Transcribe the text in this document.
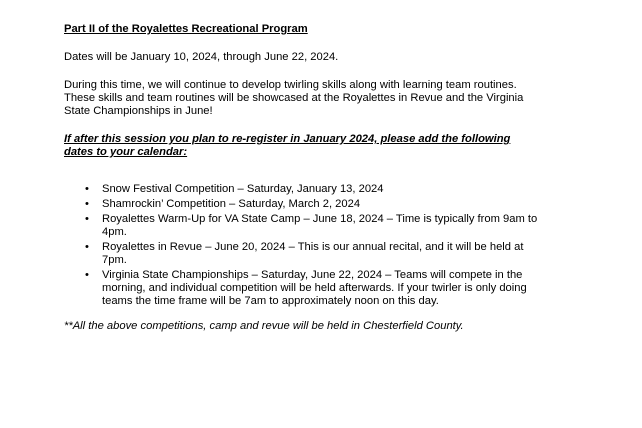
Part II of the Royalettes Recreational Program
Dates will be January 10, 2024, through June 22, 2024.

During this time, we will continue to develop twirling skills along with learning team routines.

These skills and team routines will be showcased at the Royalettes in Revue and the Virginia

State Championships in June!

If after this session you plan to re-register in January 2024, please add the following

dates to your calendar:

• Snow Festival Competition – Saturday, January 13, 2024
• Shamrockin’ Competition – Saturday, March 2, 2024
• Royalettes Warm-Up for VA State Camp – June 18, 2024 – Time is typically from 9am to
4pm.
• Royalettes in Revue – June 20, 2024 – This is our annual recital, and it will be held at
7pm.
• Virginia State Championships – Saturday, June 22, 2024 – Teams will compete in the
morning, and individual competition will be held afterwards. If your twirler is only doing
teams the time frame will be 7am to approximately noon on this day.
**All the above competitions, camp and revue will be held in Chesterfield County.
